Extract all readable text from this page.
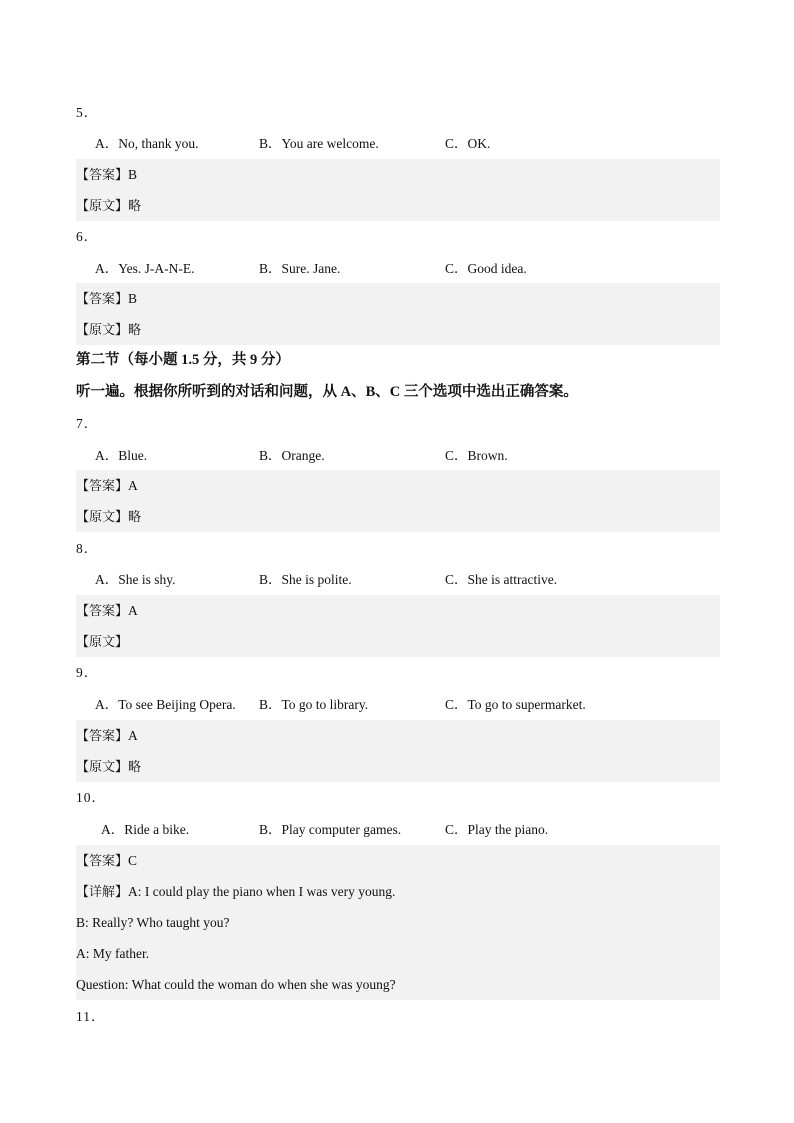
5．
A．No, thank you.	B．You are welcome.	C．OK.
【答案】B
【原文】略
6．
A．Yes. J-A-N-E.	B．Sure. Jane.	C．Good idea.
【答案】B
【原文】略
第二节（每小题 1.5 分，共 9 分）
听一遍。根据你所听到的对话和问题，从 A、B、C 三个选项中选出正确答案。
7．
A．Blue.	B．Orange.	C．Brown.
【答案】A
【原文】略
8．
A．She is shy.	B．She is polite.	C．She is attractive.
【答案】A
【原文】
9．
A．To see Beijing Opera. B．To go to library.	C．To go to supermarket.
【答案】A
【原文】略
10．
A．Ride a bike.	B．Play computer games.	C．Play the piano.
【答案】C
【详解】A: I could play the piano when I was very young.
B: Really? Who taught you?
A: My father.
Question: What could the woman do when she was young?
11．
